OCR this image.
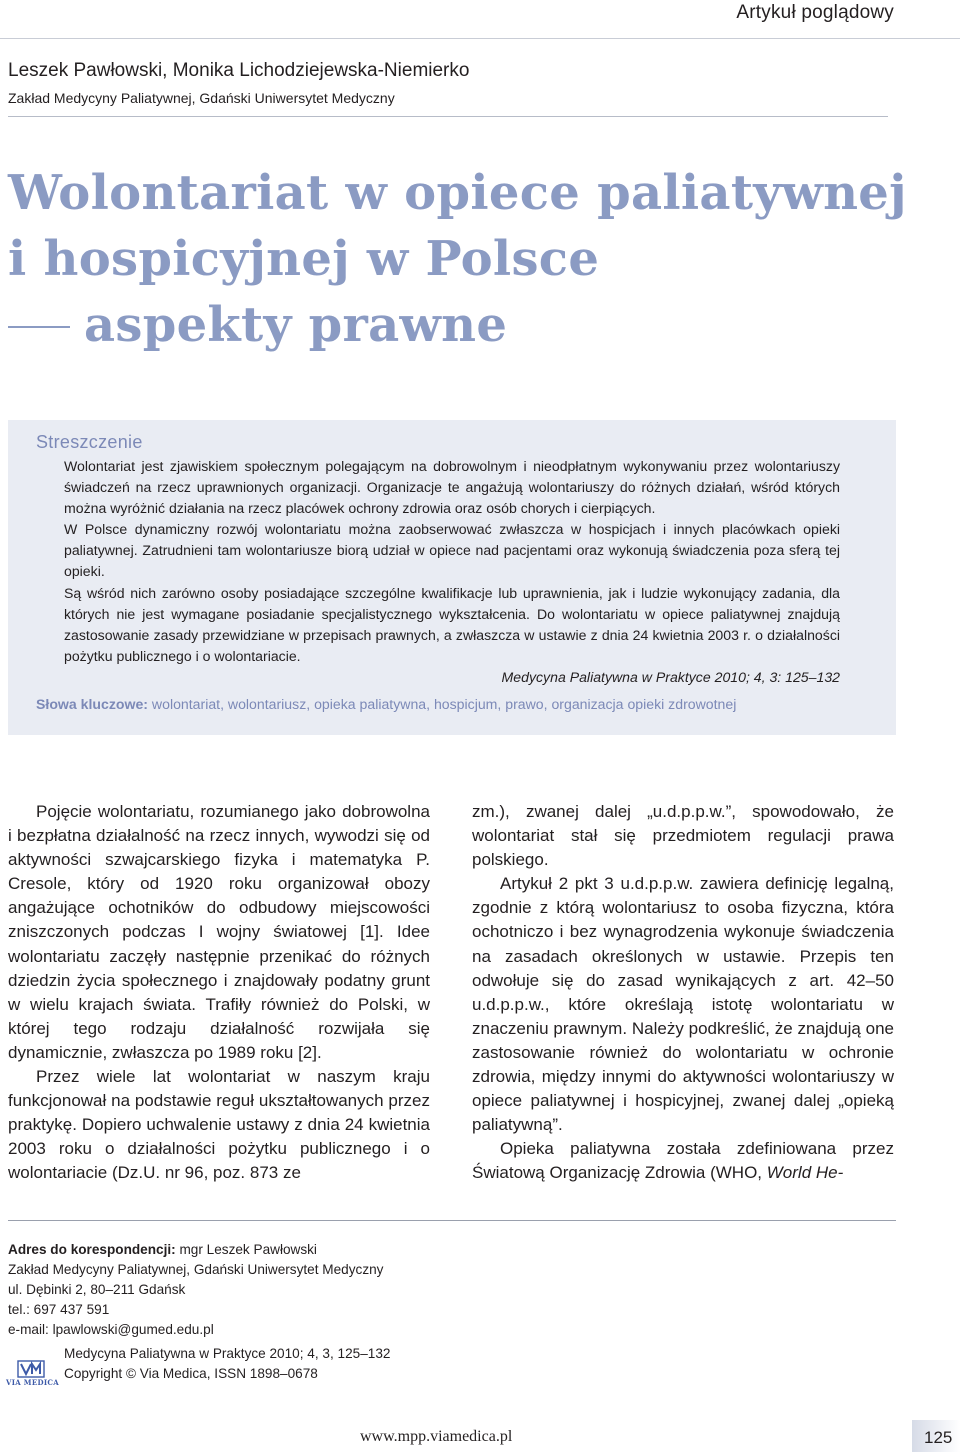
Artykuł poglądowy
Leszek Pawłowski, Monika Lichodziejewska-Niemierko
Zakład Medycyny Paliatywnej, Gdański Uniwersytet Medyczny
Wolontariat w opiece paliatywnej
i hospicyjnej w Polsce
aspekty prawne
Streszczenie

Wolontariat jest zjawiskiem społecznym polegającym na dobrowolnym i nieodpłatnym wykonywaniu przez wolontariuszy świadczeń na rzecz uprawnionych organizacji. Organizacje te angażują wolontariuszy do różnych działań, wśród których można wyróżnić działania na rzecz placówek ochrony zdrowia oraz osób chorych i cierpiących.

W Polsce dynamiczny rozwój wolontariatu można zaobserwować zwłaszcza w hospicjach i innych placówkach opieki paliatywnej. Zatrudnieni tam wolontariusze biorą udział w opiece nad pacjentami oraz wykonują świadczenia poza sferą tej opieki.

Są wśród nich zarówno osoby posiadające szczególne kwalifikacje lub uprawnienia, jak i ludzie wykonujący zadania, dla których nie jest wymagane posiadanie specjalistycznego wykształcenia. Do wolontariatu w opiece paliatywnej znajdują zastosowanie zasady przewidziane w przepisach prawnych, a zwłaszcza w ustawie z dnia 24 kwietnia 2003 r. o działalności pożytku publicznego i o wolontariacie.

Medycyna Paliatywna w Praktyce 2010; 4, 3: 125–132

Słowa kluczowe: wolontariat, wolontariusz, opieka paliatywna, hospicjum, prawo, organizacja opieki zdrowotnej

Pojęcie wolontariatu, rozumianego jako dobrowolna i bezpłatna działalność na rzecz innych, wywodzi się od aktywności szwajcarskiego fizyka i matematyka P. Cresole, który od 1920 roku organizował obozy angażujące ochotników do odbudowy miejscowości zniszczonych podczas I wojny światowej [1]. Idee wolontariatu zaczęły następnie przenikać do różnych dziedzin życia społecznego i znajdowały podatny grunt w wielu krajach świata. Trafiły również do Polski, w której tego rodzaju działalność rozwijała się dynamicznie, zwłaszcza po 1989 roku [2].

Przez wiele lat wolontariat w naszym kraju funkcjonował na podstawie reguł ukształtowanych przez praktykę. Dopiero uchwalenie ustawy z dnia 24 kwietnia 2003 roku o działalności pożytku publicznego i o wolontariacie (Dz.U. nr 96, poz. 873 ze

zm.), zwanej dalej „u.d.p.p.w.”, spowodowało, że wolontariat stał się przedmiotem regulacji prawa polskiego.

Artykuł 2 pkt 3 u.d.p.p.w. zawiera definicję legalną, zgodnie z którą wolontariusz to osoba fizyczna, która ochotniczo i bez wynagrodzenia wykonuje świadczenia na zasadach określonych w ustawie. Przepis ten odwołuje się do zasad wynikających z art. 42–50 u.d.p.p.w., które określają istotę wolontariatu w znaczeniu prawnym. Należy podkreślić, że znajdują one zastosowanie również do wolontariatu w ochronie zdrowia, między innymi do aktywności wolontariuszy w opiece paliatywnej i hospicyjnej, zwanej dalej „opieką paliatywną”.

Opieka paliatywna została zdefiniowana przez Światową Organizację Zdrowia (WHO, World He-

Adres do korespondencji: mgr Leszek Pawłowski
Zakład Medycyny Paliatywnej, Gdański Uniwersytet Medyczny
ul. Dębinki 2, 80–211 Gdańsk
tel.: 697 437 591
e-mail: lpawlowski@gumed.edu.pl
VIA MEDICA
Medycyna Paliatywna w Praktyce 2010; 4, 3, 125–132
Copyright © Via Medica, ISSN 1898–0678
www.mpp.viamedica.pl	125
